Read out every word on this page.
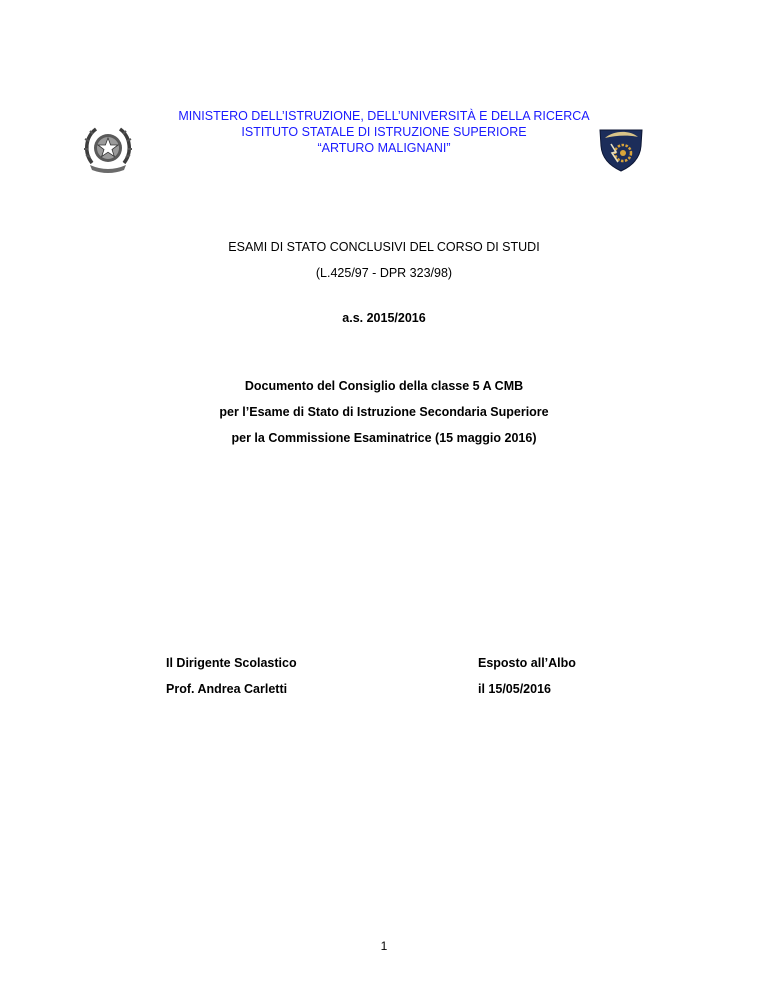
MINISTERO DELL’ISTRUZIONE, DELL’UNIVERSITÀ E DELLA RICERCA
ISTITUTO STATALE DI ISTRUZIONE SUPERIORE
“ARTURO MALIGNANI”
ESAMI DI STATO CONCLUSIVI DEL CORSO DI STUDI
(L.425/97 - DPR 323/98)
a.s. 2015/2016
Documento del Consiglio della classe 5 A CMB
per l’Esame di Stato di Istruzione Secondaria Superiore
per la Commissione Esaminatrice (15 maggio 2016)
Il Dirigente Scolastico
Prof. Andrea Carletti
Esposto all’Albo
il 15/05/2016
1
